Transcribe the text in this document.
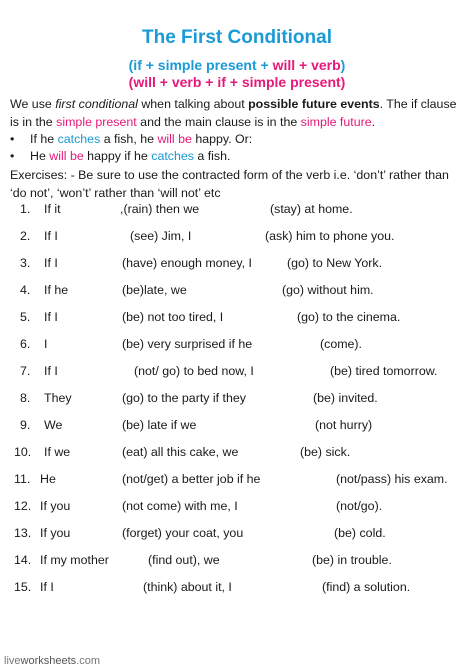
The First Conditional
(if + simple present + will + verb)
(will + verb + if + simple present)
We use first conditional when talking about possible future events. The if clause is in the simple present and the main clause is in the simple future.
•	If he catches a fish, he will be happy. Or:
•	He will be happy if he catches a fish.
Exercises: - Be sure to use the contracted form of the verb i.e. ‘don’t’ rather than ‘do not’, ‘won’t’ rather than ‘will not’ etc
1. If it	,(rain) then we	(stay) at home.
2. If I	(see) Jim, I	(ask) him to phone you.
3. If I	(have) enough money, I	(go) to New York.
4. If he	(be)late, we	(go) without him.
5. If I	(be) not too tired, I	(go) to the cinema.
6. I	(be) very surprised if he	(come).
7. If I	(not/ go) to bed now, I	(be) tired tomorrow.
8. They	(go) to the party if they	(be) invited.
9. We	(be) late if we	(not hurry)
10. If we	(eat) all this cake, we	(be) sick.
11. He	(not/get) a better job if he	(not/pass) his exam.
12. If you	(not come) with me, I	(not/go).
13. If you	(forget) your coat, you	(be) cold.
14. If my mother	(find out), we	(be) in trouble.
15. If I	(think) about it, I	(find) a solution.
liveworksheets.com
